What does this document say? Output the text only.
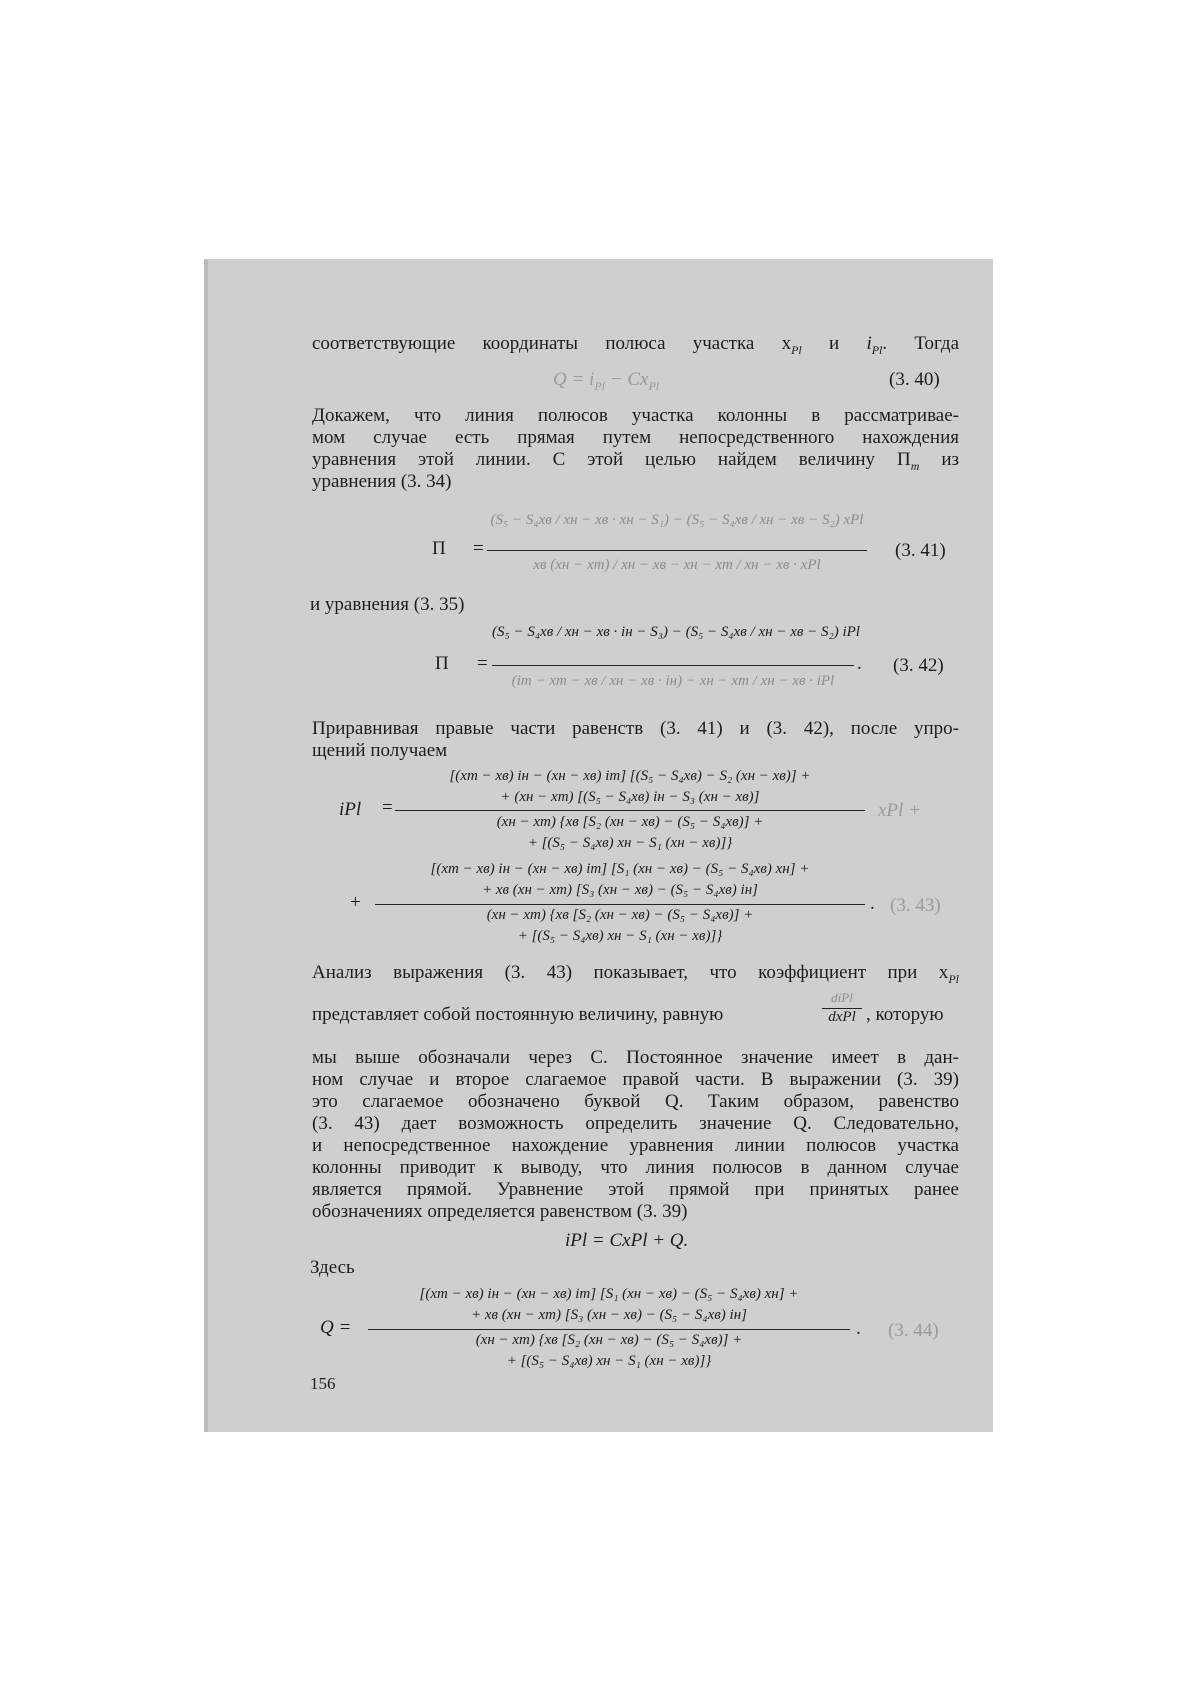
соответствующие координаты полюса участка $x_{Pl}$ и $i_{Pl}$. Тогда
$Q = i_{Pl} - Cx_{Pl}$	(3. 40)
Докажем, что линия полюсов участка колонны в рассматривае-
мом случае есть прямая путем непосредственного нахождения
уравнения этой линии. С этой целью найдем величину $П_m$ из
уравнения (3. 34)
П =
(S₅ − S₄xв / xн − xв · xн − S₁) − (S₅ − S₄xв / xн − xв − S₂) xPl
xв (xн − xm) / xн − xв − xн − xm / xн − xв · xPl
(3. 41)
и уравнения (3. 35)
П =
(S₅ − S₄xв / xн − xв · iн − S₃) − (S₅ − S₄xв / xн − xв − S₂) iPl
(im − xm − xв / xн − xв · iн) − xн − xm / xн − xв · iPl
. (3. 42)
Приравнивая правые части равенств (3. 41) и (3. 42), после упро-
щений получаем
iPl =
[(xm − xв) iн − (xн − xв) im] [(S₅ − S₄xв) − S₂ (xн − xв)] +
+ (xн − xm) [(S₅ − S₄xв) iн − S₃ (xн − xв)]
(xн − xm) {xв [S₂ (xн − xв) − (S₅ − S₄xв)] +
+ [(S₅ − S₄xв) xн − S₁ (xн − xв)]}
xPl +
+
[(xm − xв) iн − (xн − xв) im] [S₁ (xн − xв) − (S₅ − S₄xв) xн] +
+ xв (xн − xm) [S₃ (xн − xв) − (S₅ − S₄xв) iн]
(xн − xm) {xв [S₂ (xн − xв) − (S₅ − S₄xв)] +
+ [(S₅ − S₄xв) xн − S₁ (xн − xв)]}
. (3. 43)
Анализ выражения (3. 43) показывает, что коэффициент при $x_{Pl}$
представляет собой постоянную величину, равную
diPl
dxPl , которую
мы выше обозначали через C. Постоянное значение имеет в дан-
ном случае и второе слагаемое правой части. В выражении (3. 39)
это слагаемое обозначено буквой Q. Таким образом, равенство
(3. 43) дает возможность определить значение Q. Следовательно,
и непосредственное нахождение уравнения линии полюсов участка
колонны приводит к выводу, что линия полюсов в данном случае
является прямой. Уравнение этой прямой при принятых ранее
обозначениях определяется равенством (3. 39)
iPl = CxPl + Q.
Здесь
Q =
[(xm − xв) iн − (xн − xв) im] [S₁ (xн − xв) − (S₅ − S₄xв) xн] +
+ xв (xн − xm) [S₃ (xн − xв) − (S₅ − S₄xв) iн]
(xн − xm) {xв [S₂ (xн − xв) − (S₅ − S₄xв)] +
+ [(S₅ − S₄xв) xн − S₁ (xн − xв)]}
. (3. 44)
156
